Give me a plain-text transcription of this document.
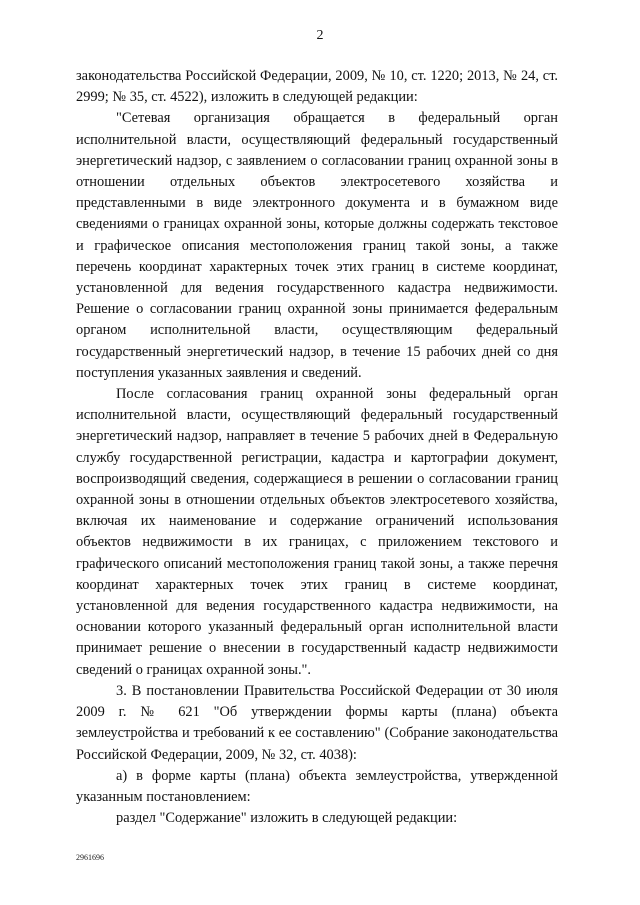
2

законодательства Российской Федерации, 2009, № 10, ст. 1220; 2013, № 24, ст. 2999; № 35, ст. 4522), изложить в следующей редакции:

"Сетевая организация обращается в федеральный орган исполнительной власти, осуществляющий федеральный государственный энергетический надзор, с заявлением о согласовании границ охранной зоны в отношении отдельных объектов электросетевого хозяйства и представленными в виде электронного документа и в бумажном виде сведениями о границах охранной зоны, которые должны содержать текстовое и графическое описания местоположения границ такой зоны, а также перечень координат характерных точек этих границ в системе координат, установленной для ведения государственного кадастра недвижимости. Решение о согласовании границ охранной зоны принимается федеральным органом исполнительной власти, осуществляющим федеральный государственный энергетический надзор, в течение 15 рабочих дней со дня поступления указанных заявления и сведений.

После согласования границ охранной зоны федеральный орган исполнительной власти, осуществляющий федеральный государственный энергетический надзор, направляет в течение 5 рабочих дней в Федеральную службу государственной регистрации, кадастра и картографии документ, воспроизводящий сведения, содержащиеся в решении о согласовании границ охранной зоны в отношении отдельных объектов электросетевого хозяйства, включая их наименование и содержание ограничений использования объектов недвижимости в их границах, с приложением текстового и графического описаний местоположения границ такой зоны, а также перечня координат характерных точек этих границ в системе координат, установленной для ведения государственного кадастра недвижимости, на основании которого указанный федеральный орган исполнительной власти принимает решение о внесении в государственный кадастр недвижимости сведений о границах охранной зоны.".

3. В постановлении Правительства Российской Федерации от 30 июля 2009 г. № 621 "Об утверждении формы карты (плана) объекта землеустройства и требований к ее составлению" (Собрание законодательства Российской Федерации, 2009, № 32, ст. 4038):

а) в форме карты (плана) объекта землеустройства, утвержденной указанным постановлением:

раздел "Содержание" изложить в следующей редакции:

2961696
